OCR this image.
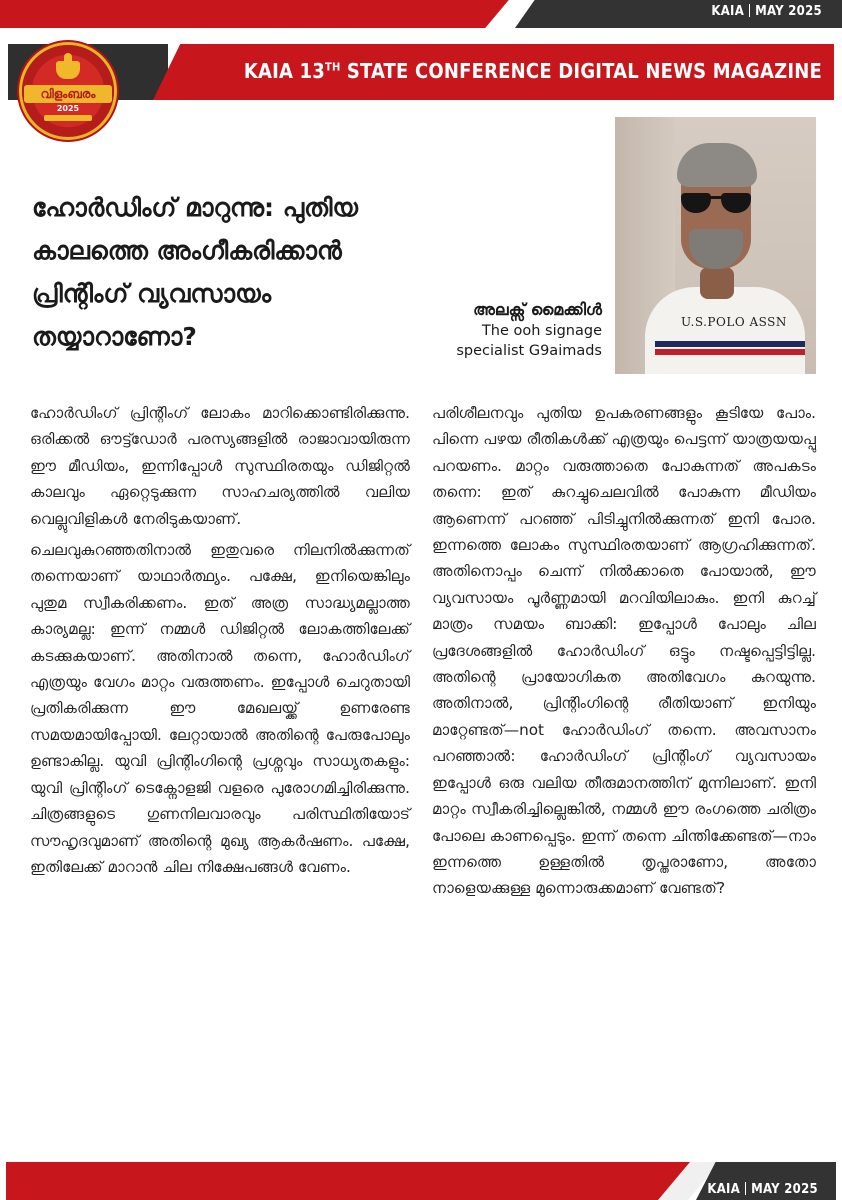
KAIA MAY 2025
KAIA 13TH STATE CONFERENCE DIGITAL NEWS MAGAZINE
വിളംബരം
2025
U.S.POLO ASSN
ഹോർഡിംഗ് മാറുന്നു: പുതിയ കാലത്തെ അംഗീകരിക്കാൻ പ്രിന്റിംഗ് വ്യവസായം തയ്യാറാണോ?
അലക്സ് മൈക്കിൾ
The ooh signage
specialist G9aimads

ഹോർഡിംഗ് പ്രിന്റിംഗ് ലോകം മാറിക്കൊണ്ടിരിക്കുന്നു. ഒരിക്കൽ ഔട്ട്ഡോർ പരസ്യങ്ങളിൽ രാജാവായിരുന്ന ഈ മീഡിയം, ഇന്നിപ്പോൾ സുസ്ഥിരതയും ഡിജിറ്റൽ കാലവും ഏറ്റെടുക്കുന്ന സാഹചര്യത്തിൽ വലിയ വെല്ലുവിളികൾ നേരിടുകയാണ്.

ചെലവുകുറഞ്ഞതിനാൽ ഇതുവരെ നിലനിൽക്കുന്നത് തന്നെയാണ് യാഥാർത്ഥ്യം. പക്ഷേ, ഇനിയെങ്കിലും പുതുമ സ്വീകരിക്കണം. ഇത് അത്ര സാദ്ധ്യമല്ലാത്ത കാര്യമല്ല: ഇന്ന് നമ്മൾ ഡിജിറ്റൽ ലോകത്തിലേക്ക് കടക്കുകയാണ്. അതിനാൽ തന്നെ, ഹോർഡിംഗ് എത്രയും വേഗം മാറ്റം വരുത്തണം. ഇപ്പോൾ ചെറുതായി പ്രതികരിക്കുന്ന ഈ മേഖലയ്ക്ക് ഉണരേണ്ട സമയമായിപ്പോയി. ലേറ്റായാൽ അതിന്റെ പേരുപോലും ഉണ്ടാകില്ല. യുവി പ്രിന്റിംഗിന്റെ പ്രശ്നവും സാധ്യതകളും: യുവി പ്രിന്റിംഗ് ടെക്നോളജി വളരെ പുരോഗമിച്ചിരിക്കുന്നു. ചിത്രങ്ങളുടെ ഗുണനിലവാരവും പരിസ്ഥിതിയോട് സൗഹൃദവുമാണ് അതിന്റെ മുഖ്യ ആകർഷണം. പക്ഷേ, ഇതിലേക്ക് മാറാൻ ചില നിക്ഷേപങ്ങൾ വേണം.

പരിശീലനവും പുതിയ ഉപകരണങ്ങളും കൂടിയേ പോം. പിന്നെ പഴയ രീതികൾക്ക് എത്രയും പെട്ടന്ന് യാത്രയയപ്പു പറയണം. മാറ്റം വരുത്താതെ പോകുന്നത് അപകടം തന്നെ: ഇത് കുറച്ചുചെലവിൽ പോകുന്ന മീഡിയം ആണെന്ന് പറഞ്ഞ് പിടിച്ചുനിൽക്കുന്നത് ഇനി പോര. ഇന്നത്തെ ലോകം സുസ്ഥിരതയാണ് ആഗ്രഹിക്കുന്നത്. അതിനൊപ്പം ചെന്ന് നിൽക്കാതെ പോയാൽ, ഈ വ്യവസായം പൂർണ്ണമായി മറവിയിലാകും. ഇനി കുറച്ച് മാത്രം സമയം ബാക്കി: ഇപ്പോൾ പോലും ചില പ്രദേശങ്ങളിൽ ഹോർഡിംഗ് ഒട്ടും നഷ്ടപ്പെട്ടിട്ടില്ല. അതിന്റെ പ്രായോഗികത അതിവേഗം കുറയുന്നു. അതിനാൽ, പ്രിന്റിംഗിന്റെ രീതിയാണ് ഇനിയും മാറ്റേണ്ടത്—not ഹോർഡിംഗ് തന്നെ. അവസാനം പറഞ്ഞാൽ: ഹോർഡിംഗ് പ്രിന്റിംഗ് വ്യവസായം ഇപ്പോൾ ഒരു വലിയ തീരുമാനത്തിന് മുന്നിലാണ്. ഇനി മാറ്റം സ്വീകരിച്ചില്ലെങ്കിൽ, നമ്മൾ ഈ രംഗത്തെ ചരിത്രം പോലെ കാണപ്പെടും. ഇന്ന് തന്നെ ചിന്തിക്കേണ്ടത്—നാം ഇന്നത്തെ ഉള്ളതിൽ തൃപ്തരാണോ, അതോ നാളെയക്കുള്ള മുന്നൊരുക്കമാണ് വേണ്ടത്?

KAIA MAY 2025
